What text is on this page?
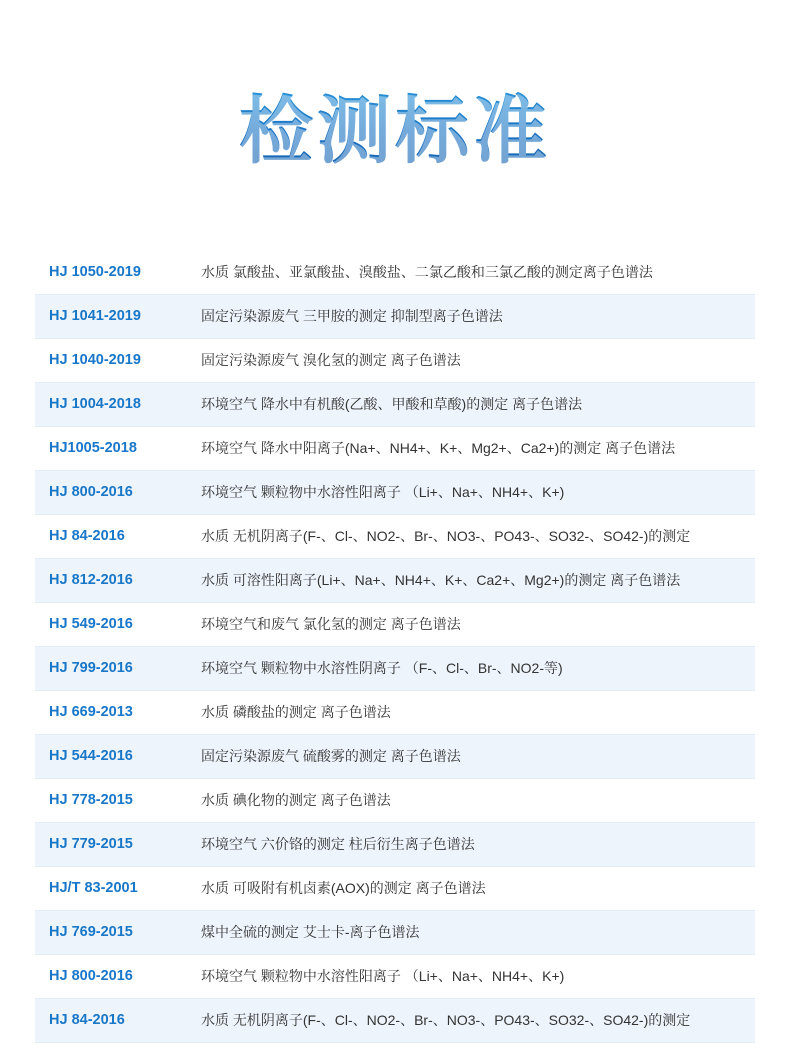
检测标准
HJ 1050-2019	水质 氯酸盐、亚氯酸盐、溴酸盐、二氯乙酸和三氯乙酸的测定离子色谱法
HJ 1041-2019	固定污染源废气 三甲胺的测定 抑制型离子色谱法
HJ 1040-2019	固定污染源废气 溴化氢的测定 离子色谱法
HJ 1004-2018	环境空气 降水中有机酸(乙酸、甲酸和草酸)的测定 离子色谱法
HJ1005-2018	环境空气 降水中阳离子(Na+、NH4+、K+、Mg2+、Ca2+)的测定 离子色谱法
HJ 800-2016	环境空气 颗粒物中水溶性阳离子 （Li+、Na+、NH4+、K+)
HJ 84-2016	水质 无机阴离子(F-、Cl-、NO2-、Br-、NO3-、PO43-、SO32-、SO42-)的测定
HJ 812-2016	水质 可溶性阳离子(Li+、Na+、NH4+、K+、Ca2+、Mg2+)的测定 离子色谱法
HJ 549-2016	环境空气和废气 氯化氢的测定 离子色谱法
HJ 799-2016	环境空气 颗粒物中水溶性阴离子 （F-、Cl-、Br-、NO2-等)
HJ 669-2013	水质 磷酸盐的测定 离子色谱法
HJ 544-2016	固定污染源废气 硫酸雾的测定 离子色谱法
HJ 778-2015	水质 碘化物的测定 离子色谱法
HJ 779-2015	环境空气 六价铬的测定 柱后衍生离子色谱法
HJ/T 83-2001	水质 可吸附有机卤素(AOX)的测定 离子色谱法
HJ 769-2015	煤中全硫的测定 艾士卡-离子色谱法
HJ 800-2016	环境空气 颗粒物中水溶性阳离子 （Li+、Na+、NH4+、K+)
HJ 84-2016	水质 无机阴离子(F-、Cl-、NO2-、Br-、NO3-、PO43-、SO32-、SO42-)的测定
